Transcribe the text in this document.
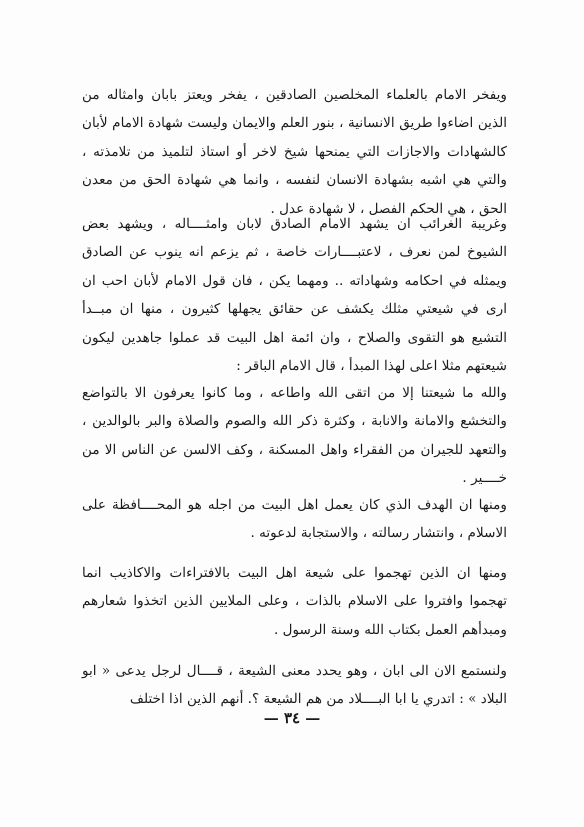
ويفخر الامام بالعلماء المخلصين الصادقين ، يفخر ويعتز بابان وامثاله من الذين اضاءوا طريق الانسانية ، بنور العلم والايمان وليست شهادة الامام لأبان كالشهادات والاجازات التي يمنحها شيخ لاخر أو استاذ لتلميذ من تلامذته ، والتي هي اشبه بشهادة الانسان لنفسه ، وانما هي شهادة الحق من معدن الحق ، هي الحكم الفصل ، لا شهادة عدل .

وغريبة الغرائب ان يشهد الامام الصادق لابان وامثــــاله ، ويشهد بعض الشيوخ لمن نعرف ، لاعتبــــارات خاصة ، ثم يزعم انه ينوب عن الصادق ويمثله في احكامه وشهاداته .. ومهما يكن ، فان قول الامام لأبان احب ان ارى في شيعتي مثلك يكشف عن حقائق يجهلها كثيرون ، منها ان مبــدأ التشيع هو التقوى والصلاح ، وان ائمة اهل البيت قد عملوا جاهدين ليكون شيعتهم مثلا اعلى لهذا المبدأ ، قال الامام الباقر :

والله ما شيعتنا إلا من اتقى الله واطاعه ، وما كانوا يعرفون الا بالتواضع والتخشع والامانة والانابة ، وكثرة ذكر الله والصوم والصلاة والبر بالوالدين ، والتعهد للجيران من الفقراء واهل المسكنة ، وكف الالسن عن الناس الا من خــــير .

ومنها ان الهدف الذي كان يعمل اهل البيت من اجله هو المحــــافظة على الاسلام ، وانتشار رسالته ، والاستجابة لدعوته .

ومنها ان الذين تهجموا على شيعة اهل البيت بالافتراءات والاكاذيب انما تهجموا وافتروا على الاسلام بالذات ، وعلى الملايين الذين اتخذوا شعارهم ومبدأهم العمل بكتاب الله وسنة الرسول .

ولنستمع الان الى ابان ، وهو يحدد معنى الشيعة ، قــــال لرجل يدعى « ابو البلاد » : اتدري يا ابا البــــلاد من هم الشيعة ؟. أنهم الذين اذا اختلف

— ٣٤ —
